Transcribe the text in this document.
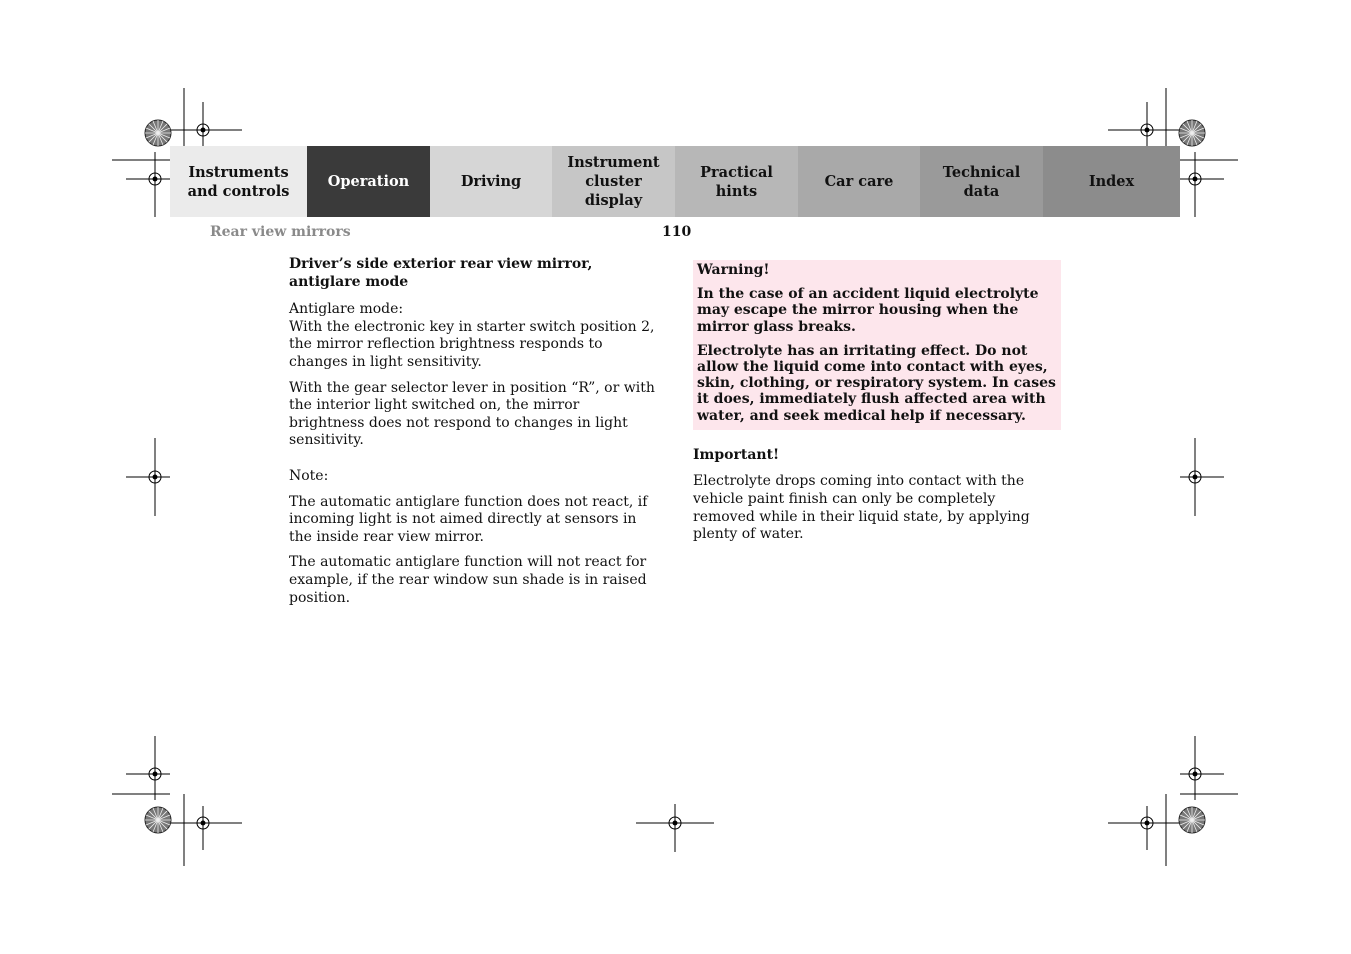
Instruments
and controls
Operation	Driving
Instrument
cluster display
Practical hints
Car care
Technical
data
Index
Rear view mirrors	110

Driver’s side exterior rear view mirror, antiglare mode

Antiglare mode:
With the electronic key in starter switch position 2, the mirror reflection brightness responds to changes in light sensitivity.

With the gear selector lever in position “R”, or with the interior light switched on, the mirror brightness does not respond to changes in light sensitivity.

Note:

The automatic antiglare function does not react, if incoming light is not aimed directly at sensors in the inside rear view mirror.

The automatic antiglare function will not react for example, if the rear window sun shade is in raised position.

Warning!

In the case of an accident liquid electrolyte may escape the mirror housing when the mirror glass breaks.

Electrolyte has an irritating effect. Do not allow the liquid come into contact with eyes, skin, clothing, or respiratory system. In cases it does, immediately flush affected area with water, and seek medical help if necessary.

Important!

Electrolyte drops coming into contact with the vehicle paint finish can only be completely removed while in their liquid state, by applying plenty of water.
